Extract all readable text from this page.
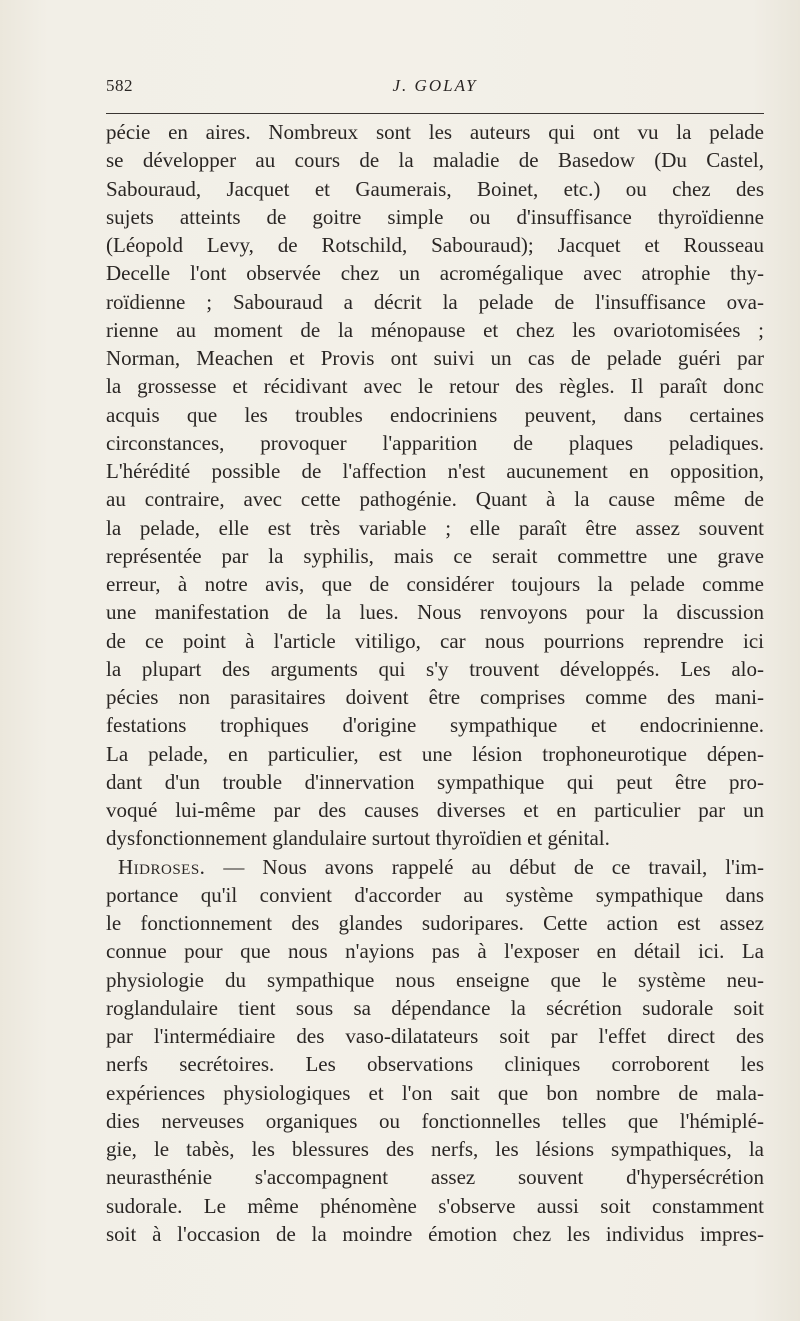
582	J. GOLAY
pécie en aires. Nombreux sont les auteurs qui ont vu la pelade
se développer au cours de la maladie de Basedow (Du Castel,
Sabouraud, Jacquet et Gaumerais, Boinet, etc.) ou chez des
sujets atteints de goitre simple ou d'insuffisance thyroïdienne
(Léopold Levy, de Rotschild, Sabouraud); Jacquet et Rousseau
Decelle l'ont observée chez un acromégalique avec atrophie thy-
roïdienne ; Sabouraud a décrit la pelade de l'insuffisance ova-
rienne au moment de la ménopause et chez les ovariotomisées ;
Norman, Meachen et Provis ont suivi un cas de pelade guéri par
la grossesse et récidivant avec le retour des règles. Il paraît donc
acquis que les troubles endocriniens peuvent, dans certaines
circonstances, provoquer l'apparition de plaques peladiques.
L'hérédité possible de l'affection n'est aucunement en opposition,
au contraire, avec cette pathogénie. Quant à la cause même de
la pelade, elle est très variable ; elle paraît être assez souvent
représentée par la syphilis, mais ce serait commettre une grave
erreur, à notre avis, que de considérer toujours la pelade comme
une manifestation de la lues. Nous renvoyons pour la discussion
de ce point à l'article vitiligo, car nous pourrions reprendre ici
la plupart des arguments qui s'y trouvent développés. Les alo-
pécies non parasitaires doivent être comprises comme des mani-
festations trophiques d'origine sympathique et endocrinienne.
La pelade, en particulier, est une lésion trophoneurotique dépen-
dant d'un trouble d'innervation sympathique qui peut être pro-
voqué lui-même par des causes diverses et en particulier par un
dysfonctionnement glandulaire surtout thyroïdien et génital.
Hidroses. — Nous avons rappelé au début de ce travail, l'im-
portance qu'il convient d'accorder au système sympathique dans
le fonctionnement des glandes sudoripares. Cette action est assez
connue pour que nous n'ayions pas à l'exposer en détail ici. La
physiologie du sympathique nous enseigne que le système neu-
roglandulaire tient sous sa dépendance la sécrétion sudorale soit
par l'intermédiaire des vaso-dilatateurs soit par l'effet direct des
nerfs secrétoires. Les observations cliniques corroborent les
expériences physiologiques et l'on sait que bon nombre de mala-
dies nerveuses organiques ou fonctionnelles telles que l'hémiplé-
gie, le tabès, les blessures des nerfs, les lésions sympathiques, la
neurasthénie s'accompagnent assez souvent d'hypersécrétion
sudorale. Le même phénomène s'observe aussi soit constamment
soit à l'occasion de la moindre émotion chez les individus impres-
